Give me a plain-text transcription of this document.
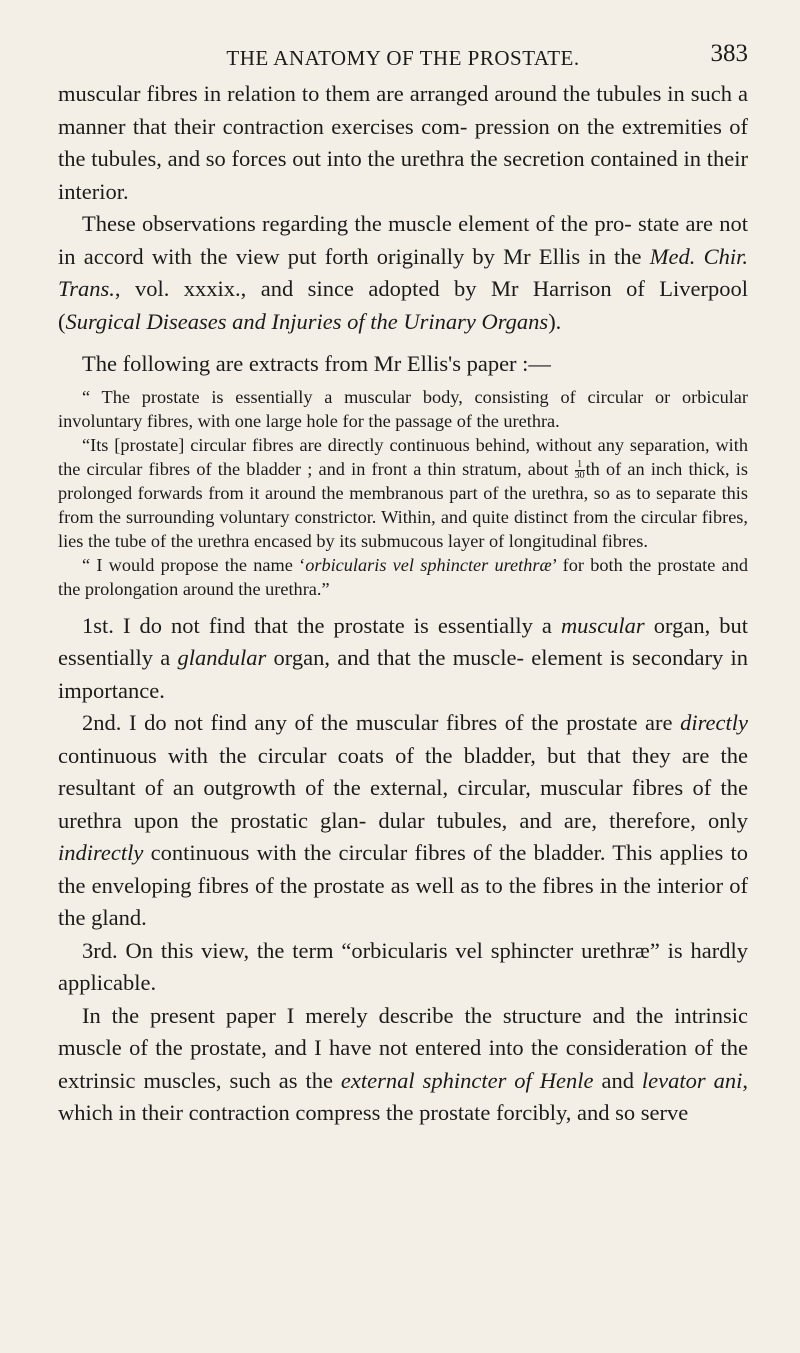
THE ANATOMY OF THE PROSTATE.	383

muscular fibres in relation to them are arranged around the tubules in such a manner that their contraction exercises com- pression on the extremities of the tubules, and so forces out into the urethra the secretion contained in their interior.

These observations regarding the muscle element of the pro- state are not in accord with the view put forth originally by Mr Ellis in the Med. Chir. Trans., vol. xxxix., and since adopted by Mr Harrison of Liverpool (Surgical Diseases and Injuries of the Urinary Organs).

The following are extracts from Mr Ellis's paper :—

“ The prostate is essentially a muscular body, consisting of circular or orbicular involuntary fibres, with one large hole for the passage of the urethra.

“Its [prostate] circular fibres are directly continuous behind, without any separation, with the circular fibres of the bladder ; and in front a thin stratum, about $\frac{1}{30}$ th of an inch thick, is prolonged forwards from it around the membranous part of the urethra, so as to separate this from the surrounding voluntary constrictor. Within, and quite distinct from the circular fibres, lies the tube of the urethra encased by its submucous layer of longitudinal fibres.

“ I would propose the name ‘orbicularis vel sphincter urethræ’ for both the prostate and the prolongation around the urethra.”

1st. I do not find that the prostate is essentially a muscular organ, but essentially a glandular organ, and that the muscle- element is secondary in importance.

2nd. I do not find any of the muscular fibres of the prostate are directly continuous with the circular coats of the bladder, but that they are the resultant of an outgrowth of the external, circular, muscular fibres of the urethra upon the prostatic glan- dular tubules, and are, therefore, only indirectly continuous with the circular fibres of the bladder. This applies to the enveloping fibres of the prostate as well as to the fibres in the interior of the gland.

3rd. On this view, the term “orbicularis vel sphincter urethræ” is hardly applicable.

In the present paper I merely describe the structure and the intrinsic muscle of the prostate, and I have not entered into the consideration of the extrinsic muscles, such as the external sphincter of Henle and levator ani, which in their contraction compress the prostate forcibly, and so serve
